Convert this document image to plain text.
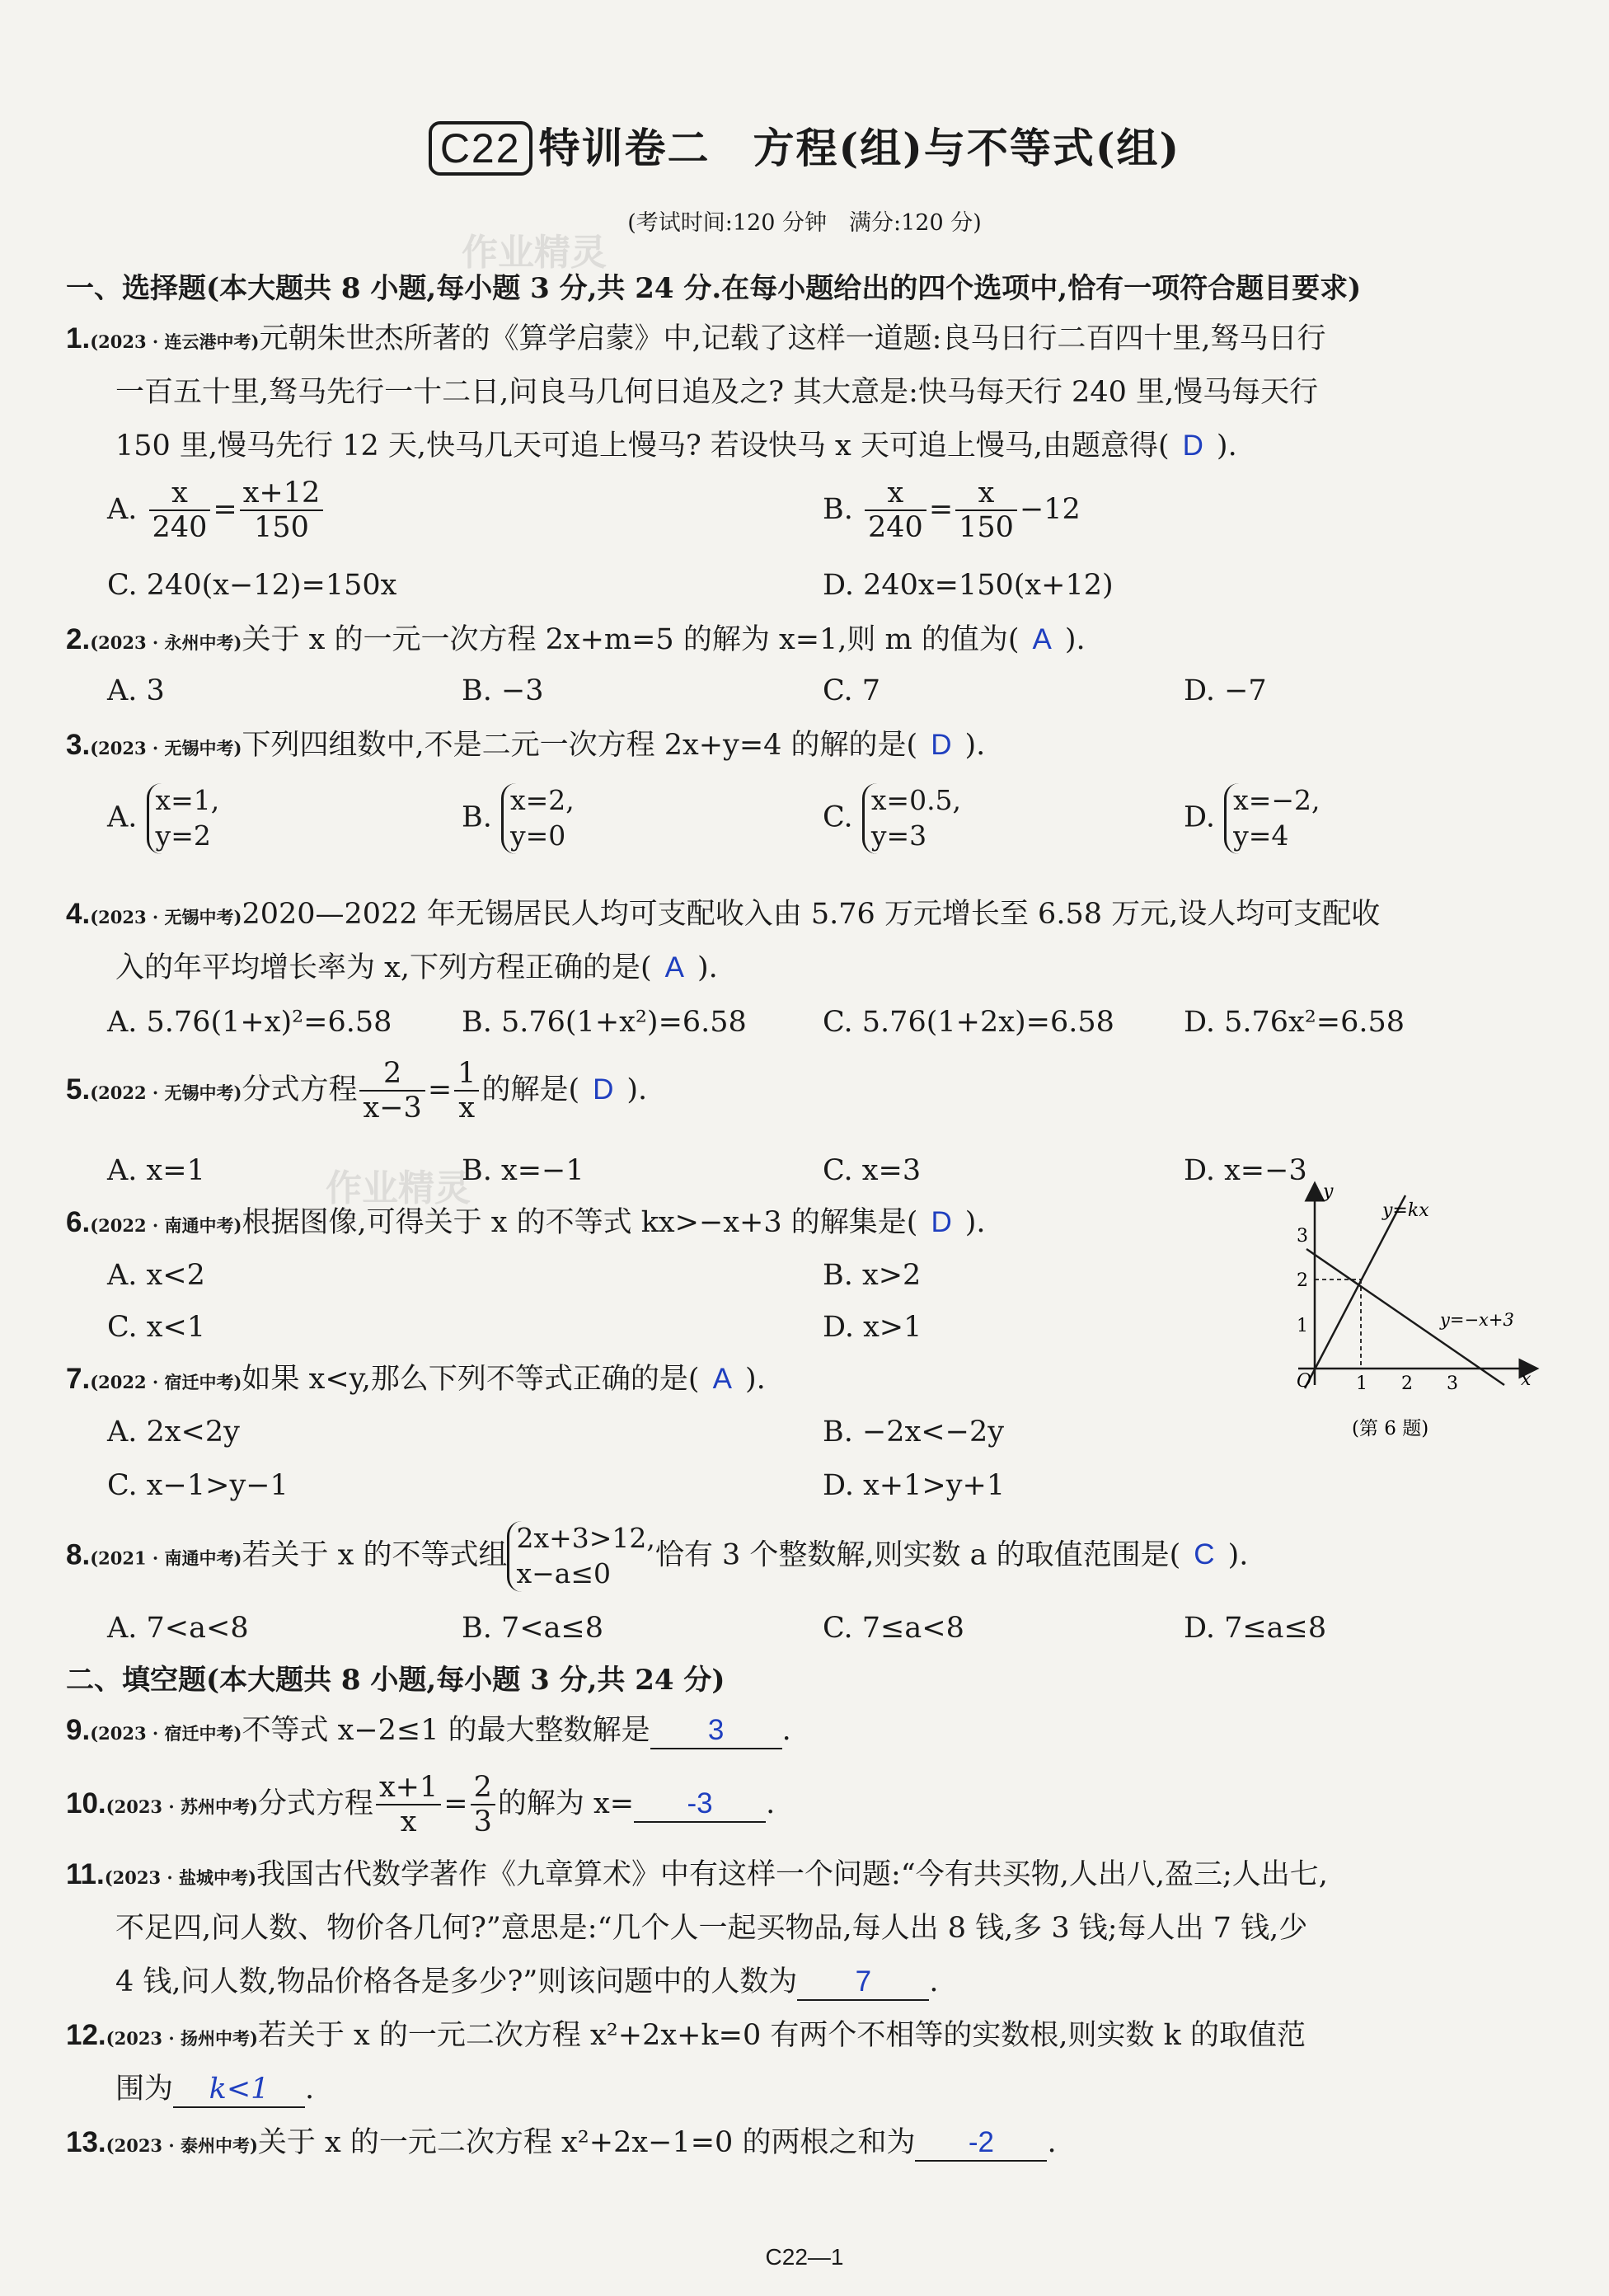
作业精灵
作业精灵
C22 特训卷二　方程(组)与不等式(组)
(考试时间:120 分钟　满分:120 分)
一、选择题(本大题共 8 小题,每小题 3 分,共 24 分.在每小题给出的四个选项中,恰有一项符合题目要求)
1.(2023 · 连云港中考)元朝朱世杰所著的《算学启蒙》中,记载了这样一道题:良马日行二百四十里,驽马日行
一百五十里,驽马先行一十二日,问良马几何日追及之? 其大意是:快马每天行 240 里,慢马每天行
150 里,慢马先行 12 天,快马几天可追上慢马? 若设快马 x 天可追上慢马,由题意得( D ).
A. $\frac{x}{240} = \frac{x+12}{150}$	B. $\frac{x}{240} = \frac{x}{150} -12$
C. 240(x−12)=150x	D. 240x=150(x+12)
2.(2023 · 永州中考)关于 x 的一元一次方程 2x+m=5 的解为 x=1,则 m 的值为( A ).
A. 3	B. −3	C. 7	D. −7
3.(2023 · 无锡中考)下列四组数中,不是二元一次方程 2x+y=4 的解的是( D ).
A.
x=1,
y=2
B.
x=2,
y=0
C.
x=0.5,
y=3
D.
x=−2,
y=4
4.(2023 · 无锡中考)2020—2022 年无锡居民人均可支配收入由 5.76 万元增长至 6.58 万元,设人均可支配收
入的年平均增长率为 x,下列方程正确的是( A ).
A. 5.76(1+x)²=6.58 B. 5.76(1+x²)=6.58	C. 5.76(1+2x)=6.58 D. 5.76x²=6.58
5.(2022 · 无锡中考)分式方程 $\frac{2}{x-3} = \frac{1}{x}$ 的解是( D ).
A. x=1	B. x=−1	C. x=3	D. x=−3
6.(2022 · 南通中考)根据图像,可得关于 x 的不等式 kx>−x+3 的解集是( D ).
A. x<2	B. x>2
C. x<1	D. x>1
y
x
O
y=kx
y=−x+3
1 2 3
1
2
3
(第 6 题)
7.(2022 · 宿迁中考)如果 x<y,那么下列不等式正确的是( A ).
A. 2x<2y	B. −2x<−2y
C. x−1>y−1	D. x+1>y+1
8.(2021 · 南通中考)若关于 x 的不等式组
2x+3>12,
x−a≤0
恰有 3 个整数解,则实数 a 的取值范围是( C ).
A. 7<a<8	B. 7<a≤8	C. 7≤a<8	D. 7≤a≤8
二、填空题(本大题共 8 小题,每小题 3 分,共 24 分)
9.(2023 · 宿迁中考)不等式 x−2≤1 的最大整数解是 3 .
10.(2023 · 苏州中考)分式方程 $\frac{x+1}{x} = \frac{2}{3}$ 的解为 x= -3 .
11.(2023 · 盐城中考)我国古代数学著作《九章算术》中有这样一个问题:“今有共买物,人出八,盈三;人出七,
不足四,问人数、物价各几何?”意思是:“几个人一起买物品,每人出 8 钱,多 3 钱;每人出 7 钱,少
4 钱,问人数,物品价格各是多少?”则该问题中的人数为 7 .
12.(2023 · 扬州中考)若关于 x 的一元二次方程 x²+2x+k=0 有两个不相等的实数根,则实数 k 的取值范
围为 k<1 .
13.(2023 · 泰州中考)关于 x 的一元二次方程 x²+2x−1=0 的两根之和为 -2 .
C22—1
